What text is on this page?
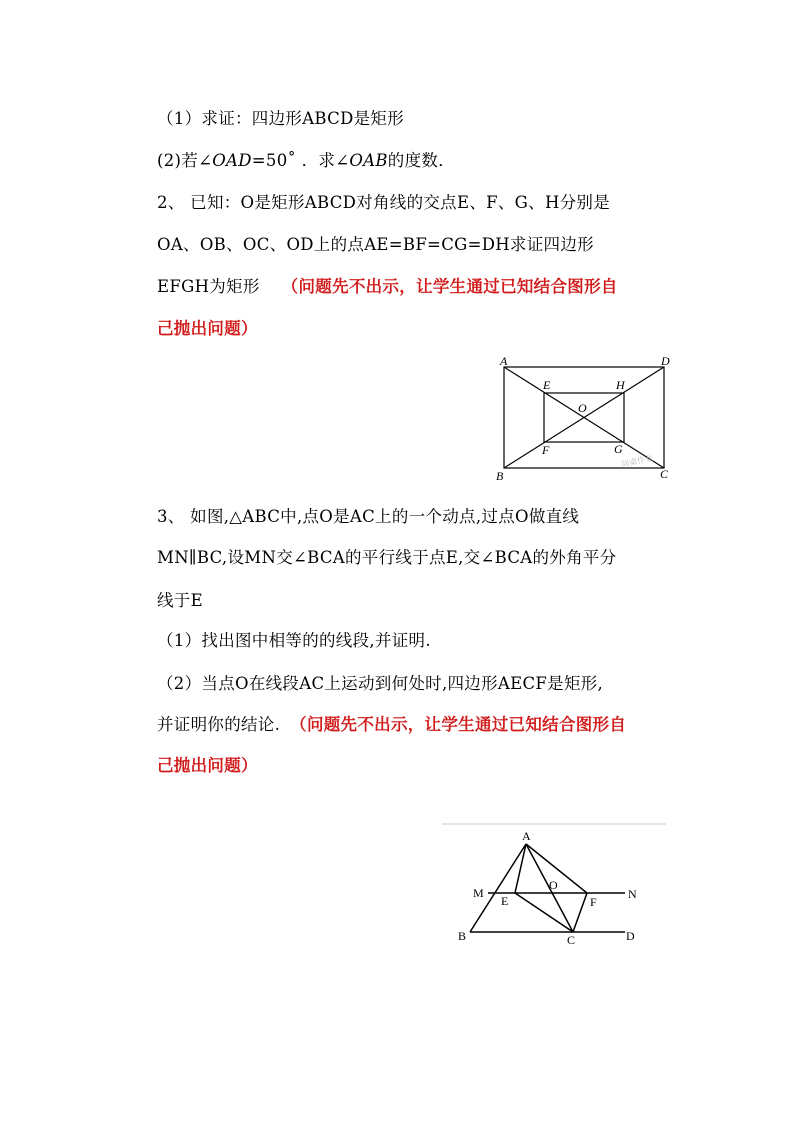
（1）求证：四边形ABCD是矩形
(2)若∠OAD=50˚ ．求∠OAB的度数．
2、 已知：O是矩形ABCD对角线的交点E、F、G、H分别是
OA、OB、OC、OD上的点AE=BF=CG=DH求证四边形
EFGH为矩形 （问题先不出示，让学生通过已知结合图形自
己抛出问题）
3、 如图,△ABC中,点O是AC上的一个动点,过点O做直线
MN∥BC,设MN交∠BCA的平行线于点E,交∠BCA的外角平分
线于E
（1）找出图中相等的的线段,并证明.
（2）当点O在线段AC上运动到何处时,四边形AECF是矩形,
并证明你的结论. （问题先不出示，让学生通过已知结合图形自
己抛出问题）
A	D
E	H
O
F	G
B	C
同桌作业
A
M
O
N
E	F
B	C	D
